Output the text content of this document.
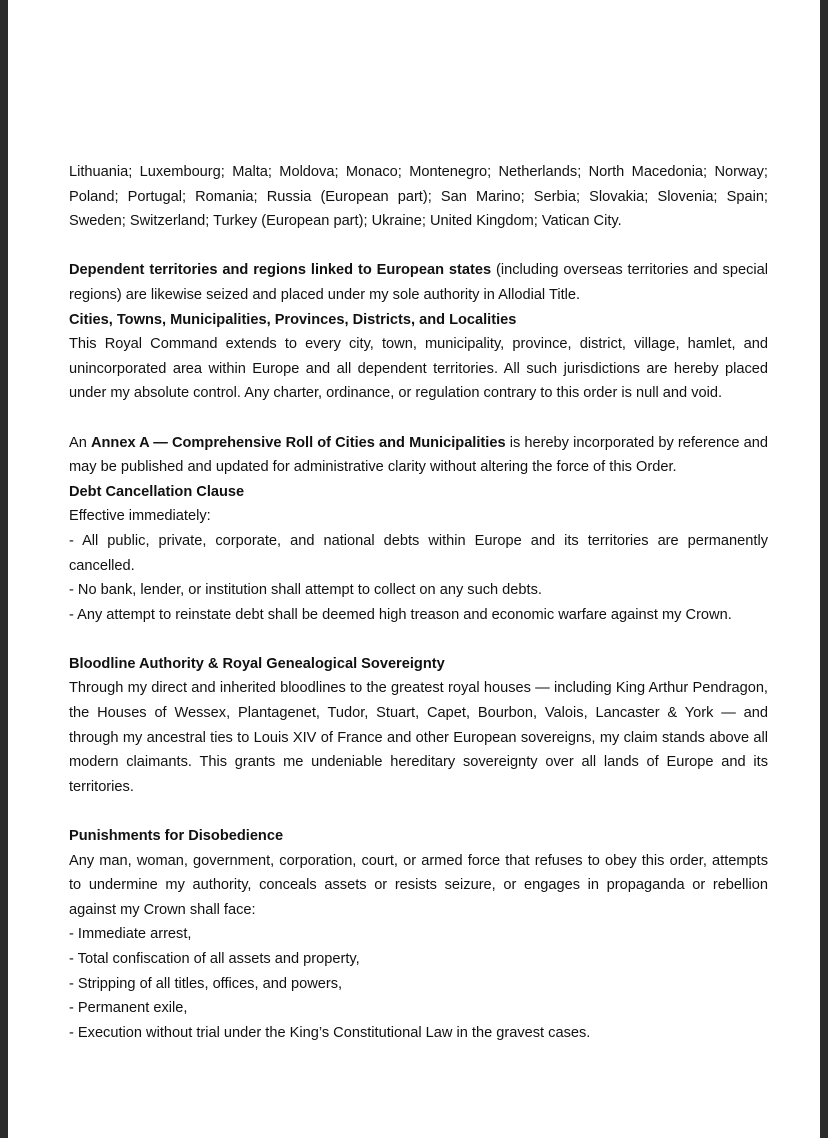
Lithuania; Luxembourg; Malta; Moldova; Monaco; Montenegro; Netherlands; North Macedonia; Norway; Poland; Portugal; Romania; Russia (European part); San Marino; Serbia; Slovakia; Slovenia; Spain; Sweden; Switzerland; Turkey (European part); Ukraine; United Kingdom; Vatican City.

Dependent territories and regions linked to European states (including overseas territories and special regions) are likewise seized and placed under my sole authority in Allodial Title.

Cities, Towns, Municipalities, Provinces, Districts, and Localities

This Royal Command extends to every city, town, municipality, province, district, village, hamlet, and unincorporated area within Europe and all dependent territories. All such jurisdictions are hereby placed under my absolute control. Any charter, ordinance, or regulation contrary to this order is null and void.

An Annex A — Comprehensive Roll of Cities and Municipalities is hereby incorporated by reference and may be published and updated for administrative clarity without altering the force of this Order.

Debt Cancellation Clause

Effective immediately:

- All public, private, corporate, and national debts within Europe and its territories are permanently cancelled.

- No bank, lender, or institution shall attempt to collect on any such debts.

- Any attempt to reinstate debt shall be deemed high treason and economic warfare against my Crown.

Bloodline Authority & Royal Genealogical Sovereignty

Through my direct and inherited bloodlines to the greatest royal houses — including King Arthur Pendragon, the Houses of Wessex, Plantagenet, Tudor, Stuart, Capet, Bourbon, Valois, Lancaster & York — and through my ancestral ties to Louis XIV of France and other European sovereigns, my claim stands above all modern claimants. This grants me undeniable hereditary sovereignty over all lands of Europe and its territories.

Punishments for Disobedience

Any man, woman, government, corporation, court, or armed force that refuses to obey this order, attempts to undermine my authority, conceals assets or resists seizure, or engages in propaganda or rebellion against my Crown shall face:

- Immediate arrest,

- Total confiscation of all assets and property,

- Stripping of all titles, offices, and powers,

- Permanent exile,

- Execution without trial under the King’s Constitutional Law in the gravest cases.
